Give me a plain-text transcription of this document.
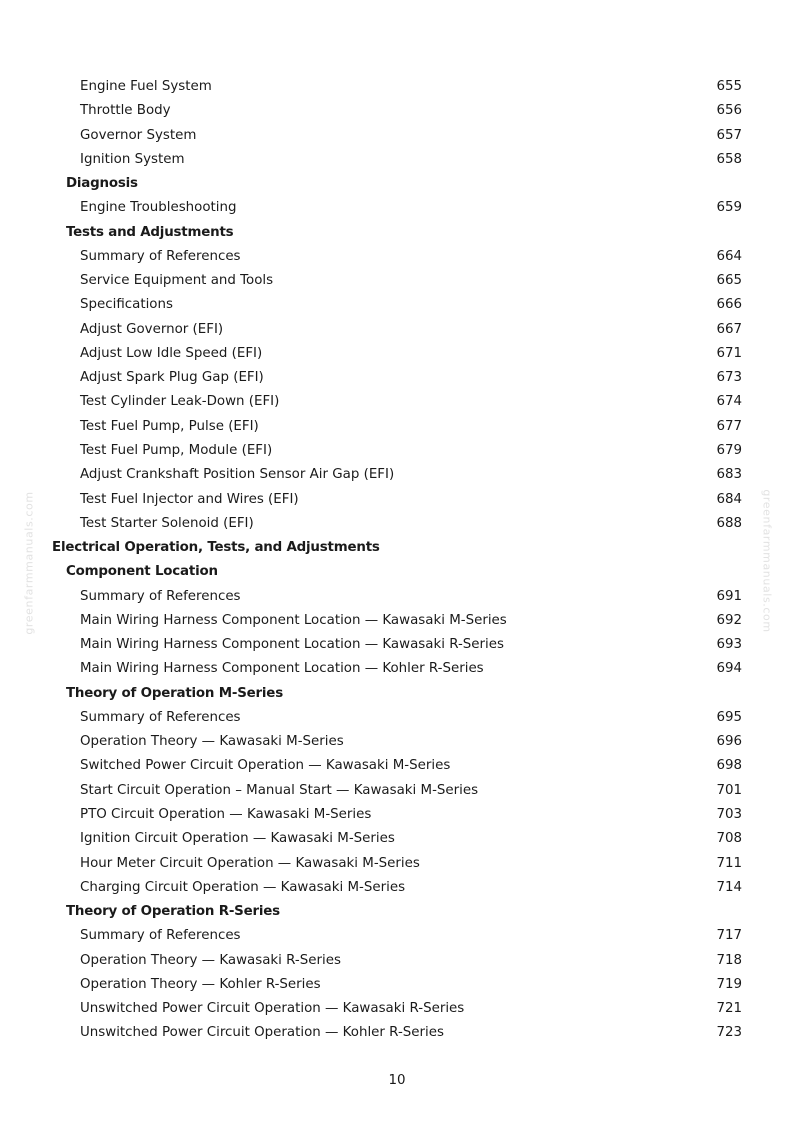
greenfarmmanuals.com	greenfarmmanuals.com
Engine Fuel System	655
Throttle Body	656
Governor System	657
Ignition System	658
Diagnosis
Engine Troubleshooting	659
Tests and Adjustments
Summary of References	664
Service Equipment and Tools	665
Specifications	666
Adjust Governor (EFI)	667
Adjust Low Idle Speed (EFI)	671
Adjust Spark Plug Gap (EFI)	673
Test Cylinder Leak-Down (EFI)	674
Test Fuel Pump, Pulse (EFI)	677
Test Fuel Pump, Module (EFI)	679
Adjust Crankshaft Position Sensor Air Gap (EFI)	683
Test Fuel Injector and Wires (EFI)	684
Test Starter Solenoid (EFI)	688
Electrical Operation, Tests, and Adjustments
Component Location
Summary of References	691
Main Wiring Harness Component Location — Kawasaki M-Series	692
Main Wiring Harness Component Location — Kawasaki R-Series	693
Main Wiring Harness Component Location — Kohler R-Series	694
Theory of Operation M-Series
Summary of References	695
Operation Theory — Kawasaki M-Series	696
Switched Power Circuit Operation — Kawasaki M-Series	698
Start Circuit Operation – Manual Start — Kawasaki M-Series	701
PTO Circuit Operation — Kawasaki M-Series	703
Ignition Circuit Operation — Kawasaki M-Series	708
Hour Meter Circuit Operation — Kawasaki M-Series	711
Charging Circuit Operation — Kawasaki M-Series	714
Theory of Operation R-Series
Summary of References	717
Operation Theory — Kawasaki R-Series	718
Operation Theory — Kohler R-Series	719
Unswitched Power Circuit Operation — Kawasaki R-Series	721
Unswitched Power Circuit Operation — Kohler R-Series	723
10
